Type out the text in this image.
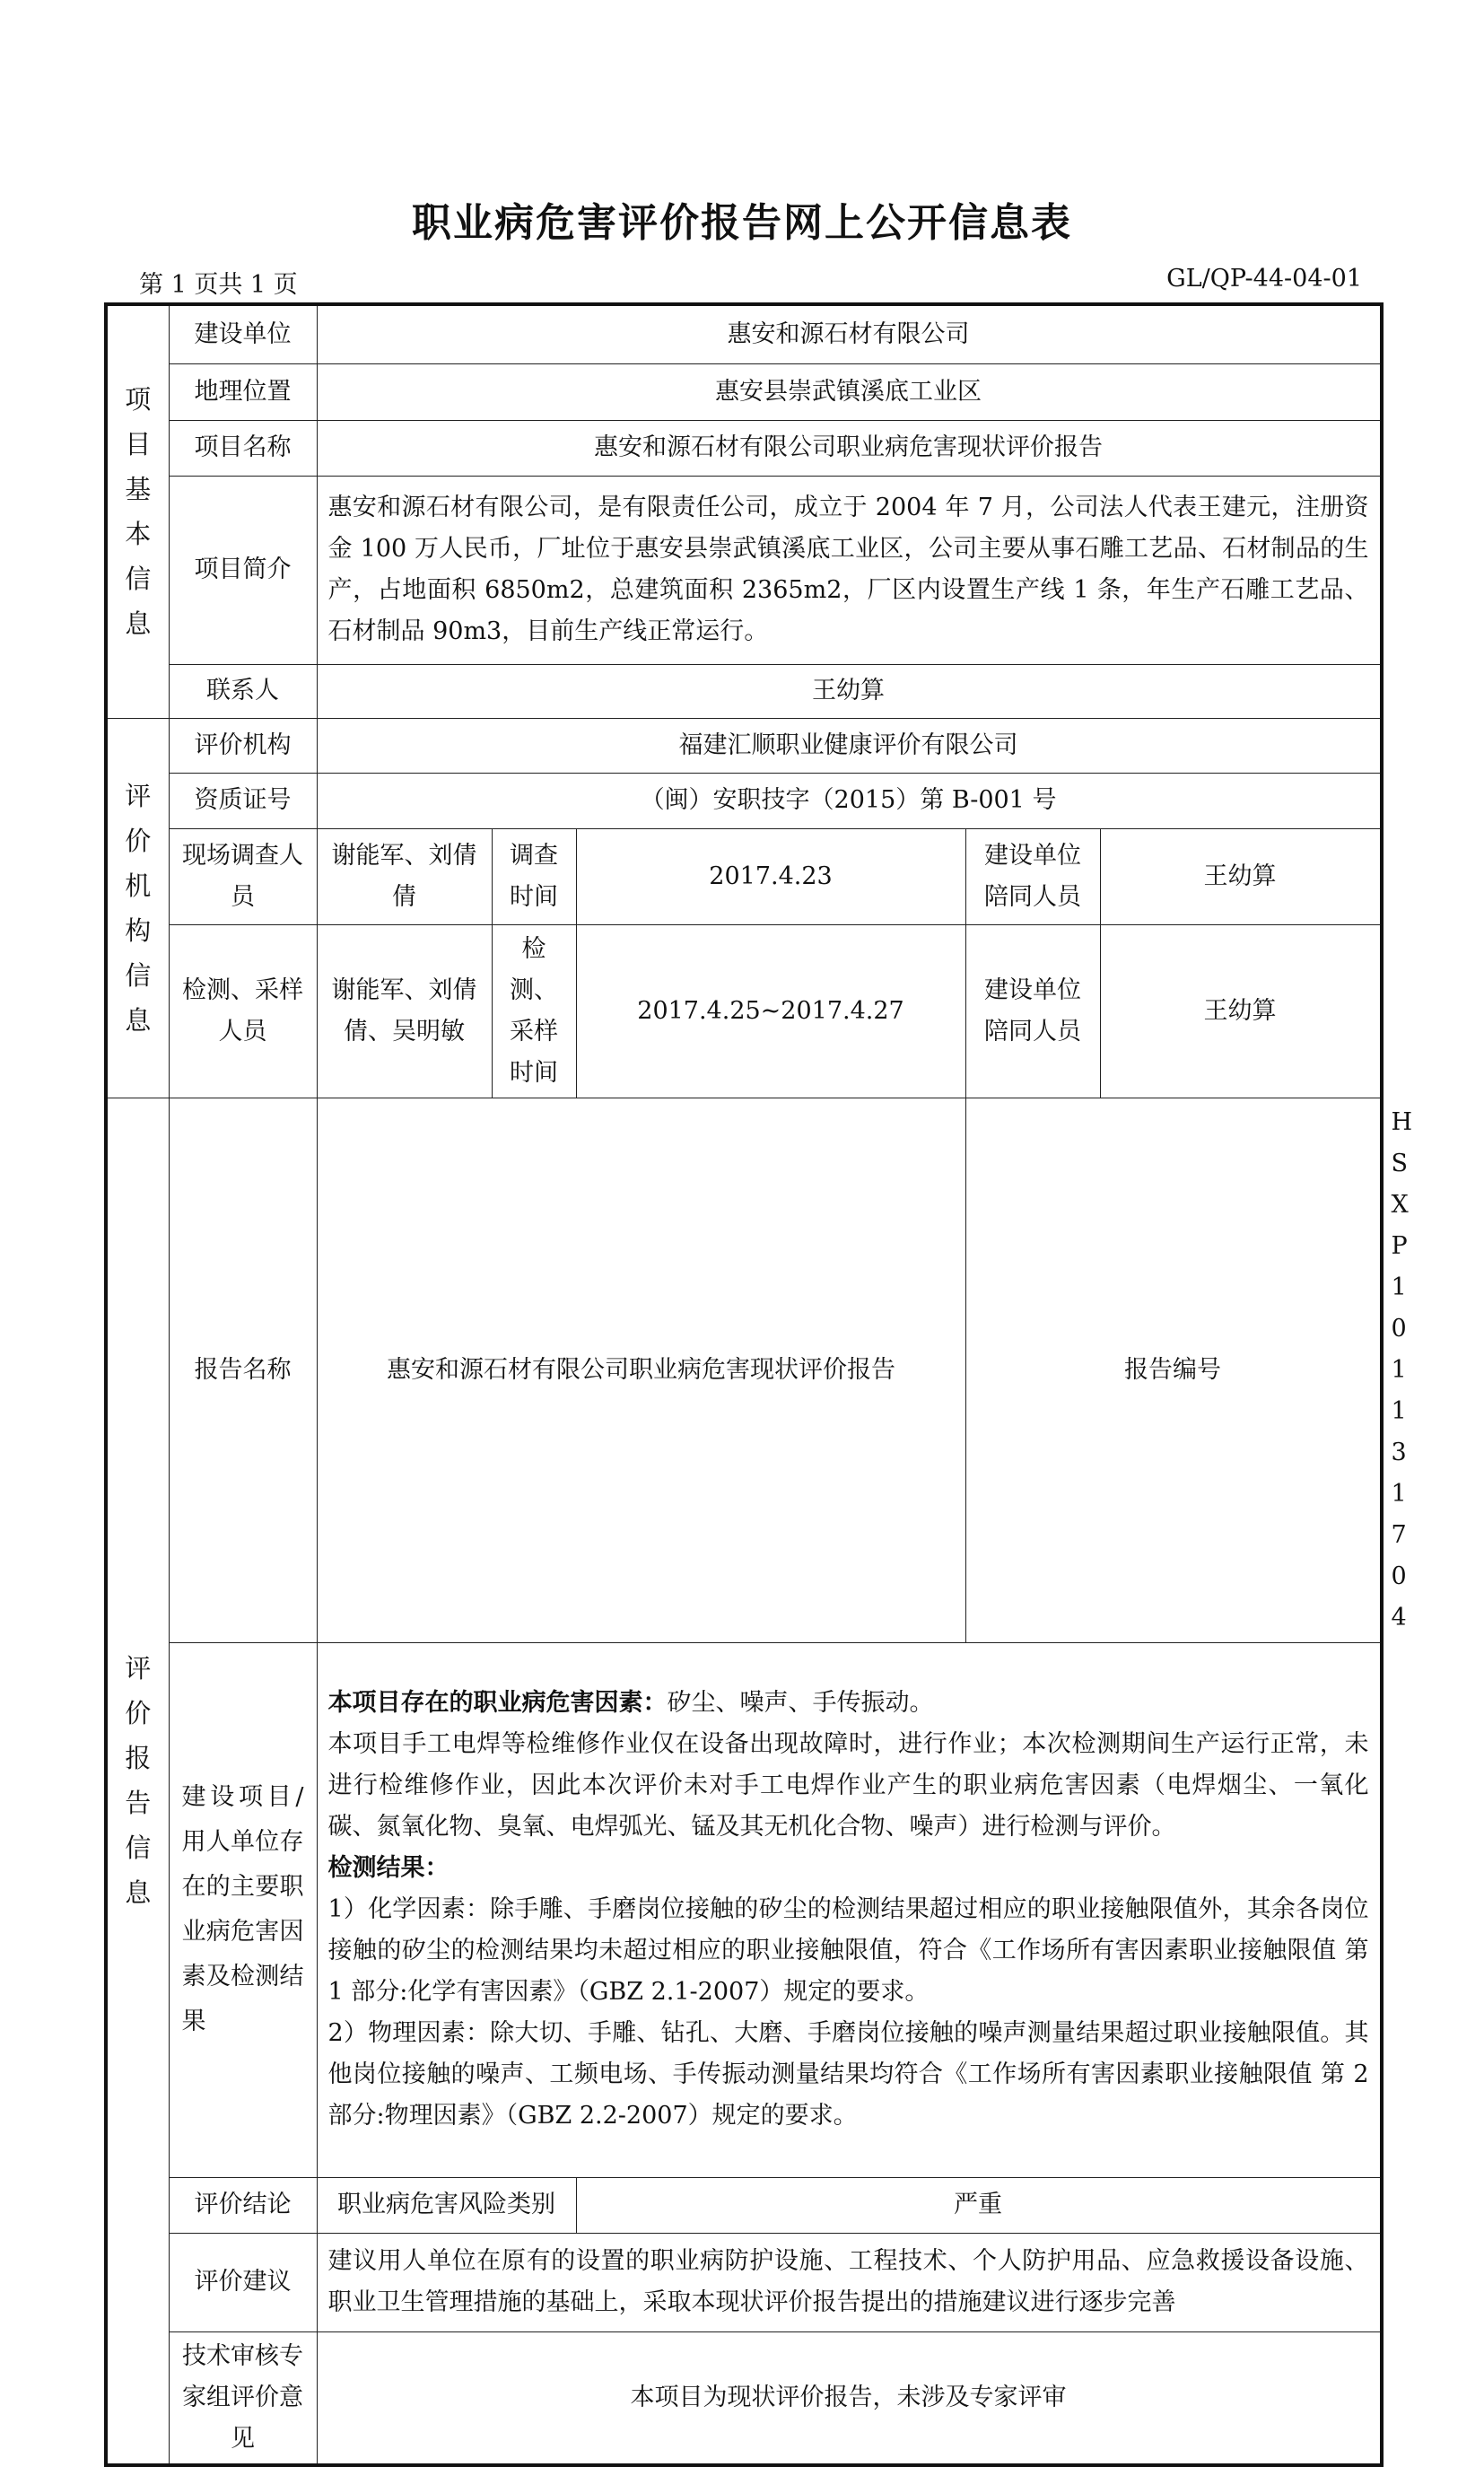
职业病危害评价报告网上公开信息表
第 1 页共 1 页	GL/QP-44-04-01
项目基本信息	建设单位	惠安和源石材有限公司					
	地理位置	惠安县崇武镇溪底工业区					
	项目名称	惠安和源石材有限公司职业病危害现状评价报告					
	项目简介	惠安和源石材有限公司，是有限责任公司，成立于 2004 年 7 月，公司法人代表王建元，注册资金 100 万人民币，厂址位于惠安县崇武镇溪底工业区，公司主要从事石雕工艺品、石材制品的生产，占地面积 6850m2，总建筑面积 2365m2，厂区内设置生产线 1 条，年生产石雕工艺品、石材制品 90m3，目前生产线正常运行。					
	联系人	王幼算					
评价机构信息	评价机构	福建汇顺职业健康评价有限公司					
	资质证号	（闽）安职技字（2015）第 B-001 号					
	现场调查人员	谢能军、刘倩倩	调查时间	2017.4.23	建设单位陪同人员	王幼算	
	检测、采样人员	谢能军、刘倩倩、吴明敏	检测、采样时间	2017.4.25~2017.4.27	建设单位陪同人员	王幼算	
评价报告信息	报告名称	惠安和源石材有限公司职业病危害现状评价报告			报告编号		HSXP101131704
	建设项目/用人单位存在的主要职业病危害因素及检测结果	本项目存在的职业病危害因素：矽尘、噪声、手传振动。

本项目手工电焊等检维修作业仅在设备出现故障时，进行作业；本次检测期间生产运行正常，未进行检维修作业，因此本次评价未对手工电焊作业产生的职业病危害因素（电焊烟尘、一氧化碳、氮氧化物、臭氧、电焊弧光、锰及其无机化合物、噪声）进行检测与评价。

检测结果：

1）化学因素：除手雕、手磨岗位接触的矽尘的检测结果超过相应的职业接触限值外，其余各岗位接触的矽尘的检测结果均未超过相应的职业接触限值，符合《工作场所有害因素职业接触限值 第 1 部分:化学有害因素》（GBZ 2.1-2007）规定的要求。

2）物理因素：除大切、手雕、钻孔、大磨、手磨岗位接触的噪声测量结果超过职业接触限值。其他岗位接触的噪声、工频电场、手传振动测量结果均符合《工作场所有害因素职业接触限值 第 2 部分:物理因素》（GBZ 2.2-2007）规定的要求。					

	评价结论	职业病危害风险类别		严重			
	评价建议	建议用人单位在原有的设置的职业病防护设施、工程技术、个人防护用品、应急救援设备设施、职业卫生管理措施的基础上，采取本现状评价报告提出的措施建议进行逐步完善					
	技术审核专家组评价意见	本项目为现状评价报告，未涉及专家评审					
